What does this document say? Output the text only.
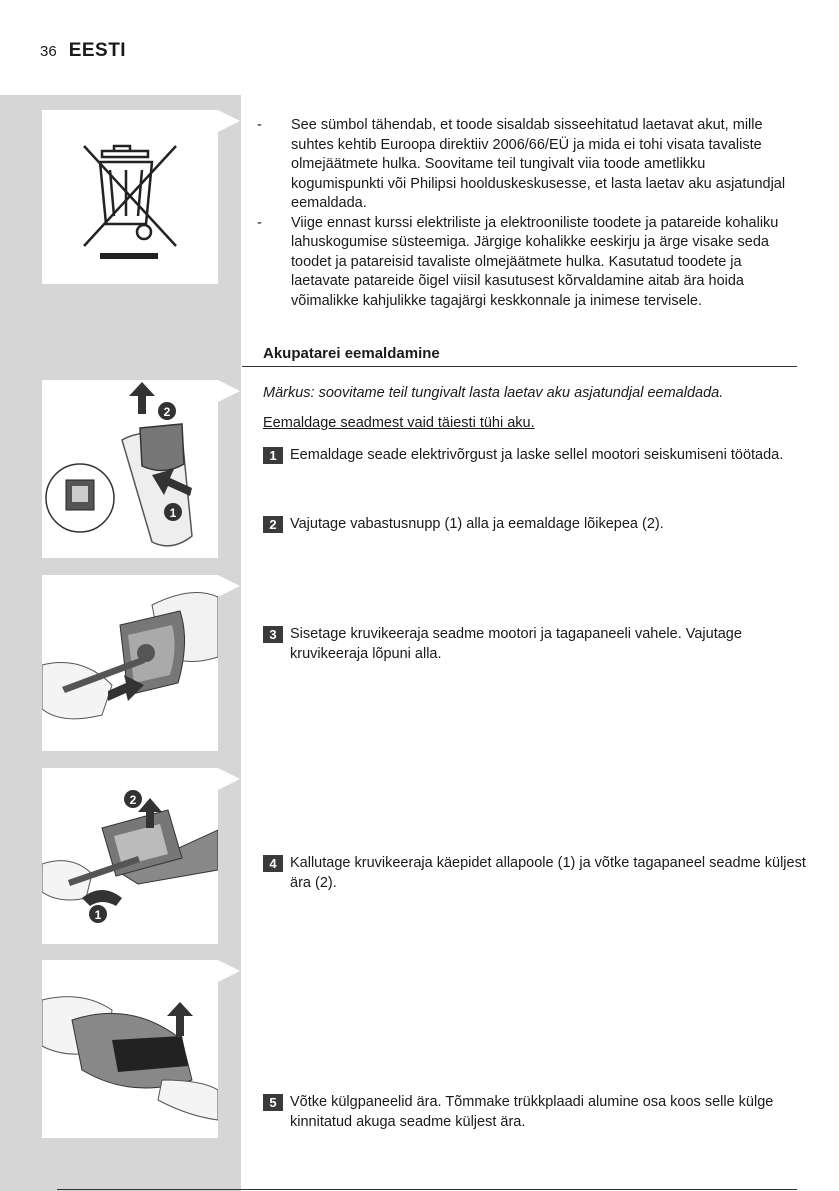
36 EESTI
2
1
2
1
- See sümbol tähendab, et toode sisaldab sisseehitatud laetavat akut, mille suhtes kehtib Euroopa direktiiv 2006/66/EÜ ja mida ei tohi visata tavaliste olmejäätmete hulka. Soovitame teil tungivalt viia toode ametlikku kogumispunkti või Philipsi hoolduskeskusesse, et lasta laetav aku asjatundjal eemaldada.
- Viige ennast kurssi elektriliste ja elektrooniliste toodete ja patareide kohaliku lahuskogumise süsteemiga. Järgige kohalikke eeskirju ja ärge visake seda toodet ja patareisid tavaliste olmejäätmete hulka. Kasutatud toodete ja laetavate patareide õigel viisil kasutusest kõrvaldamine aitab ära hoida võimalikke kahjulikke tagajärgi keskkonnale ja inimese tervisele.
Akupatarei eemaldamine
Märkus: soovitame teil tungivalt lasta laetav aku asjatundjal eemaldada.
Eemaldage seadmest vaid täiesti tühi aku.
1 Eemaldage seade elektrivõrgust ja laske sellel mootori seiskumiseni töötada.
2 Vajutage vabastusnupp (1) alla ja eemaldage lõikepea (2).
3 Sisetage kruvikeeraja seadme mootori ja tagapaneeli vahele. Vajutage kruvikeeraja lõpuni alla.
4 Kallutage kruvikeeraja käepidet allapoole (1) ja võtke tagapaneel seadme küljest ära (2).
5 Võtke külgpaneelid ära. Tõmmake trükkplaadi alumine osa koos selle külge kinnitatud akuga seadme küljest ära.
